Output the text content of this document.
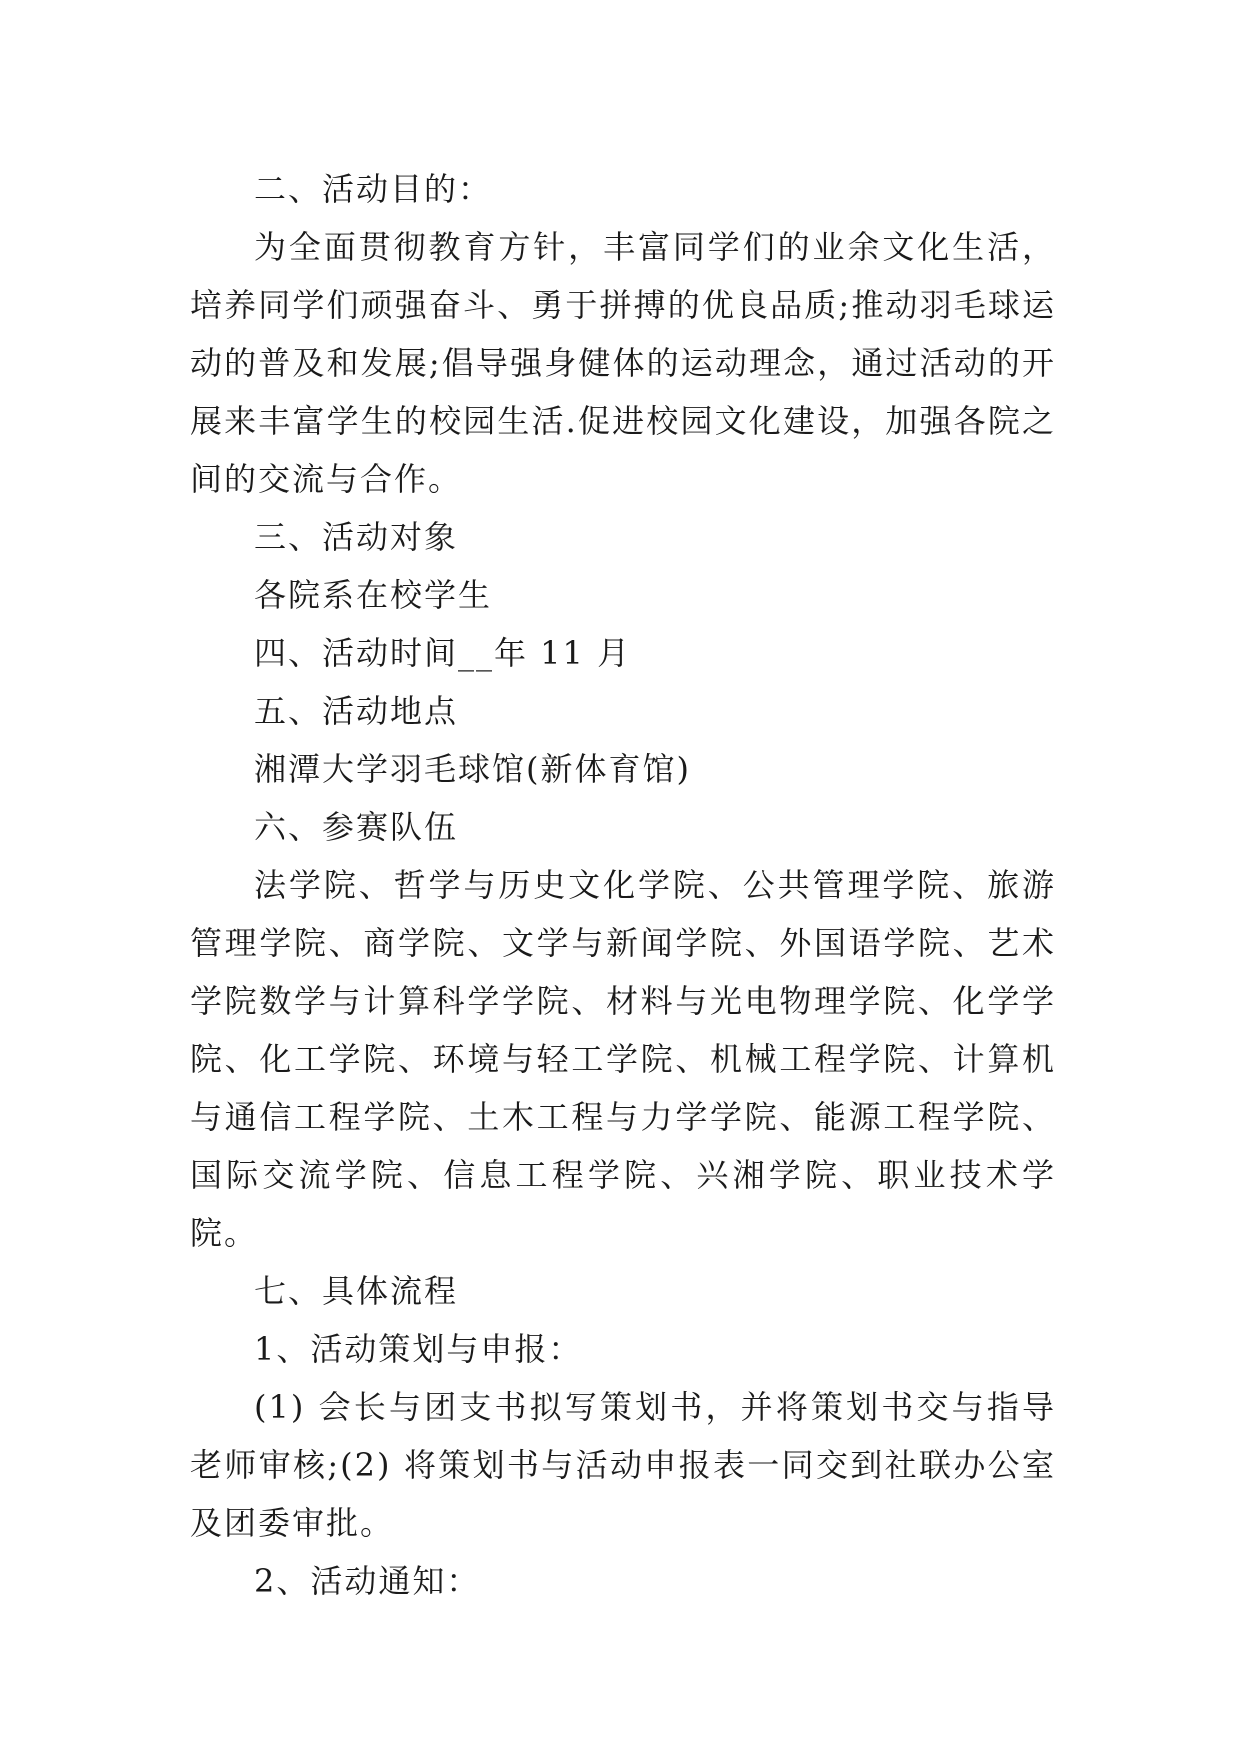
二、活动目的：

为全面贯彻教育方针，丰富同学们的业余文化生活，培养同学们顽强奋斗、勇于拼搏的优良品质;推动羽毛球运动的普及和发展;倡导强身健体的运动理念，通过活动的开展来丰富学生的校园生活.促进校园文化建设，加强各院之间的交流与合作。

三、活动对象

各院系在校学生

四、活动时间__年 11 月

五、活动地点

湘潭大学羽毛球馆(新体育馆)

六、参赛队伍

法学院、哲学与历史文化学院、公共管理学院、旅游管理学院、商学院、文学与新闻学院、外国语学院、艺术学院数学与计算科学学院、材料与光电物理学院、化学学院、化工学院、环境与轻工学院、机械工程学院、计算机与通信工程学院、土木工程与力学学院、能源工程学院、国际交流学院、信息工程学院、兴湘学院、职业技术学院。

七、具体流程

1、活动策划与申报：

(1) 会长与团支书拟写策划书，并将策划书交与指导老师审核;(2) 将策划书与活动申报表一同交到社联办公室及团委审批。

2、活动通知：
